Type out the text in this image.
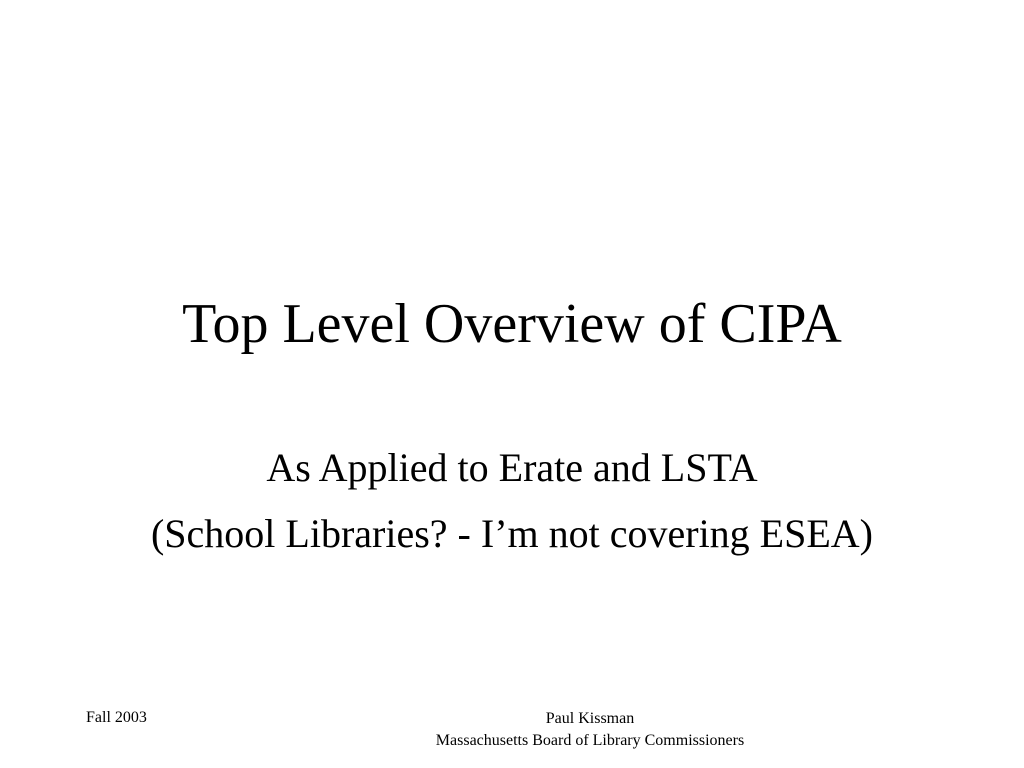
Top Level Overview of CIPA
As Applied to Erate and LSTA
(School Libraries? - I’m not covering ESEA)
Fall 2003	Paul Kissman
Massachusetts Board of Library Commissioners
